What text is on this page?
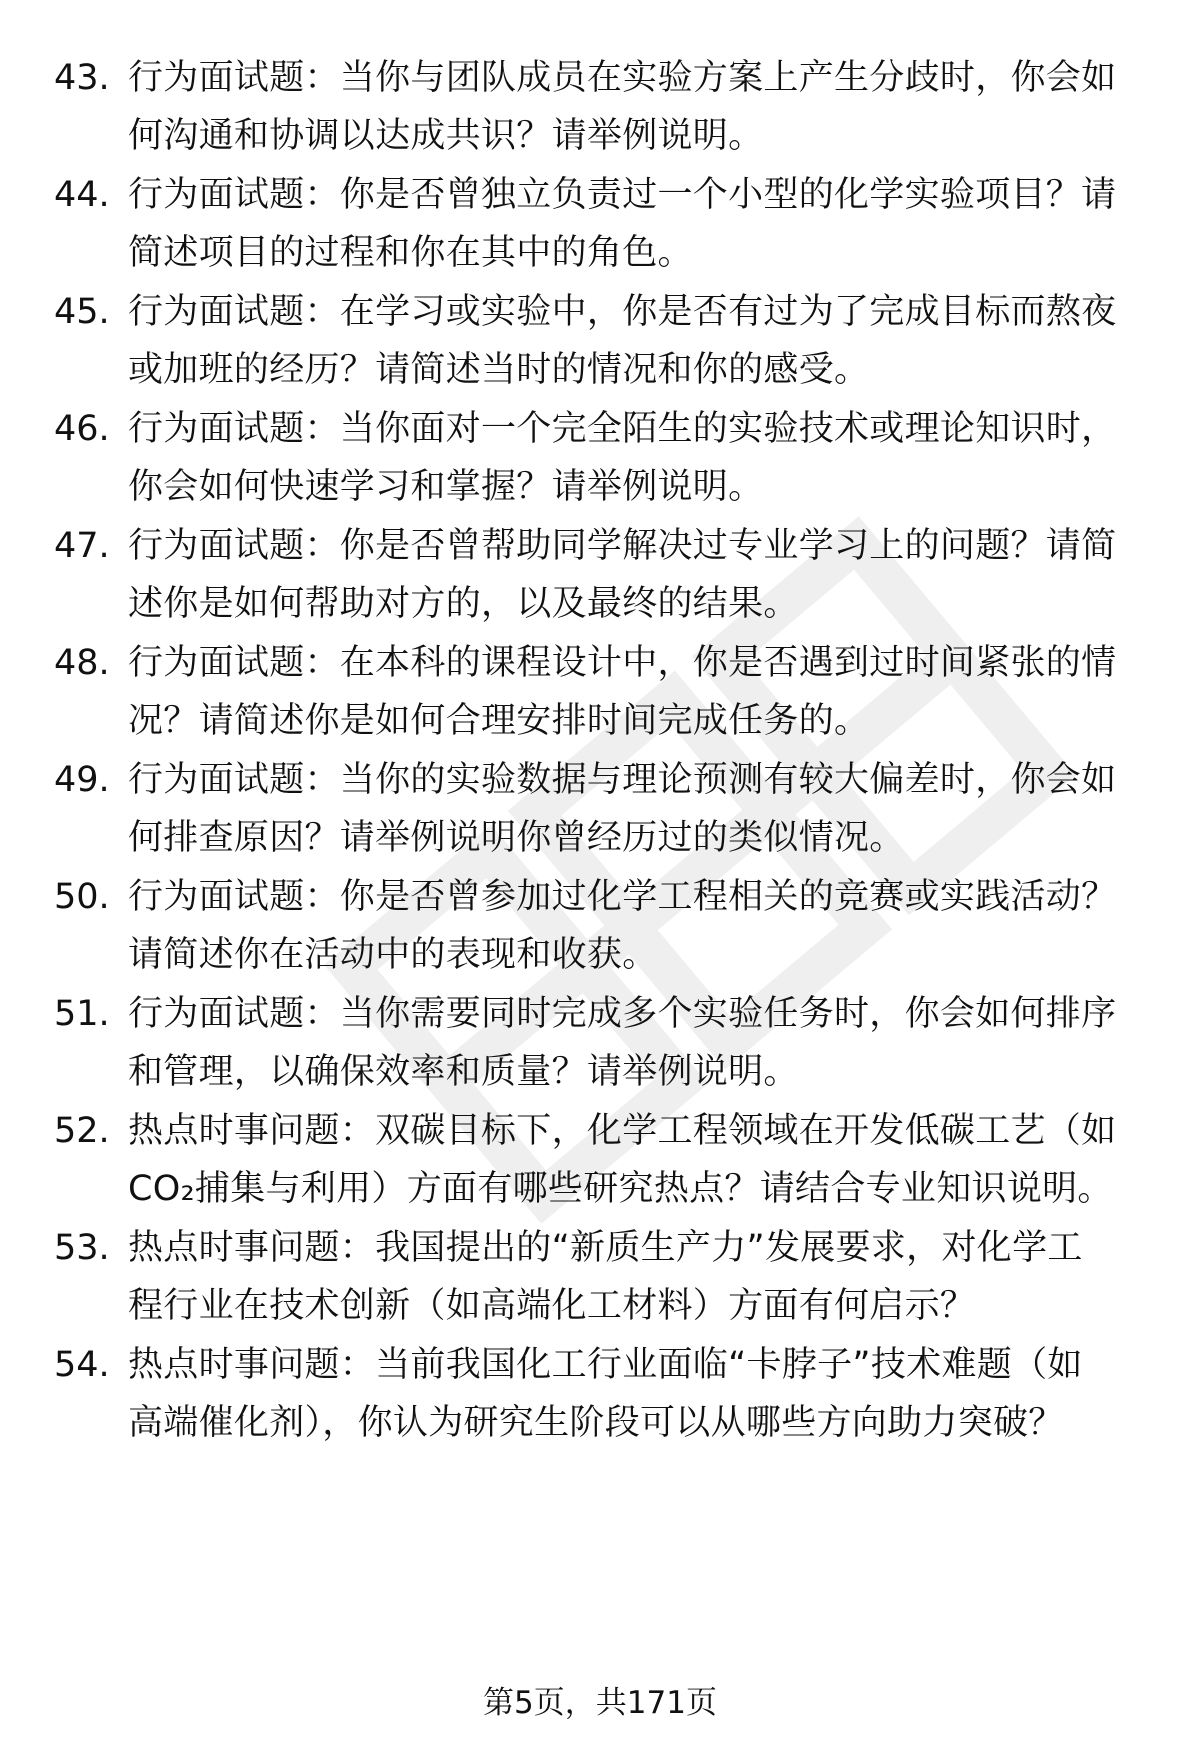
43. 行为面试题：当你与团队成员在实验方案上产生分歧时，你会如
何沟通和协调以达成共识？请举例说明。
44. 行为面试题：你是否曾独立负责过一个小型的化学实验项目？请
简述项目的过程和你在其中的角色。
45. 行为面试题：在学习或实验中，你是否有过为了完成目标而熬夜
或加班的经历？请简述当时的情况和你的感受。
46. 行为面试题：当你面对一个完全陌生的实验技术或理论知识时，
你会如何快速学习和掌握？请举例说明。
47. 行为面试题：你是否曾帮助同学解决过专业学习上的问题？请简
述你是如何帮助对方的，以及最终的结果。
48. 行为面试题：在本科的课程设计中，你是否遇到过时间紧张的情
况？请简述你是如何合理安排时间完成任务的。
49. 行为面试题：当你的实验数据与理论预测有较大偏差时，你会如
何排查原因？请举例说明你曾经历过的类似情况。
50. 行为面试题：你是否曾参加过化学工程相关的竞赛或实践活动？
请简述你在活动中的表现和收获。
51. 行为面试题：当你需要同时完成多个实验任务时，你会如何排序
和管理，以确保效率和质量？请举例说明。
52. 热点时事问题：双碳目标下，化学工程领域在开发低碳工艺（如
CO₂捕集与利用）方面有哪些研究热点？请结合专业知识说明。
53. 热点时事问题：我国提出的“新质生产力”发展要求，对化学工
程行业在技术创新（如高端化工材料）方面有何启示？
54. 热点时事问题：当前我国化工行业面临“卡脖子”技术难题（如
高端催化剂），你认为研究生阶段可以从哪些方向助力突破？
第5页，共171页
